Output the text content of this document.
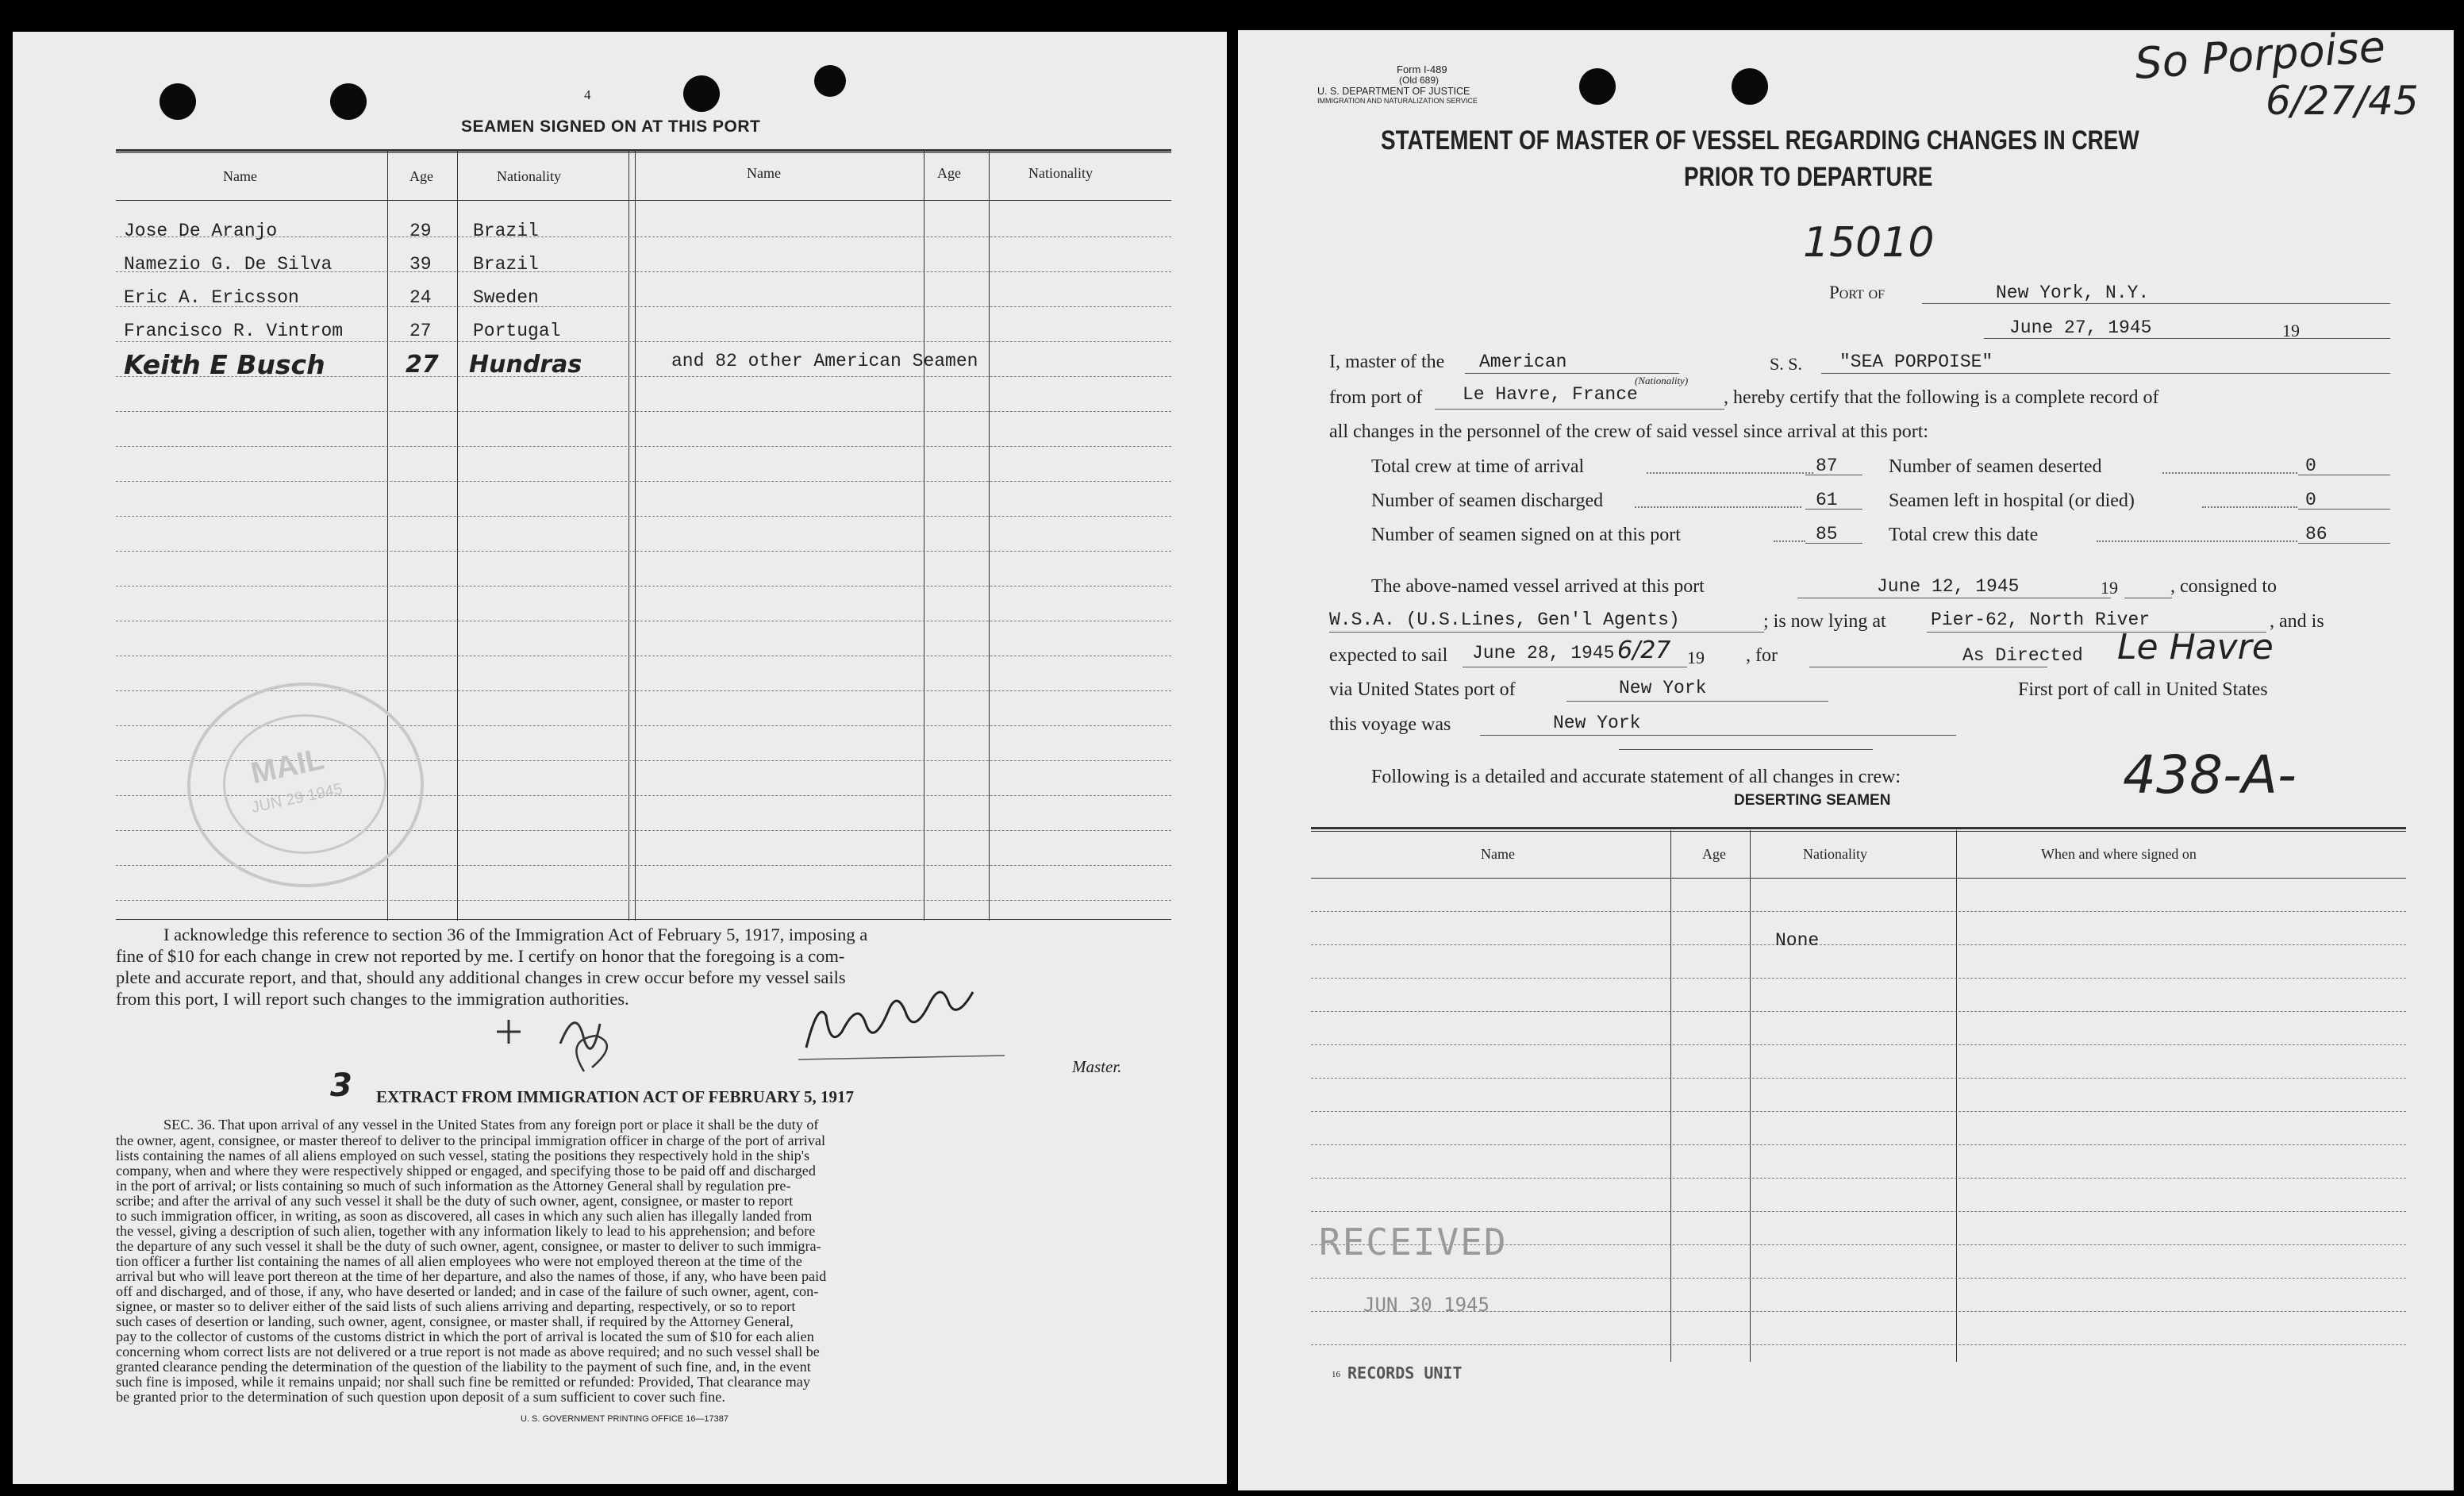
4
SEAMEN SIGNED ON AT THIS PORT
Name	Age	Nationality	Name	Age	Nationality
Jose De Aranjo	29 Brazil
Namezio G. De Silva	39 Brazil
Eric A. Ericsson	24 Sweden
Francisco R. Vintrom	27 Portugal
Keith E Busch	27 Hundras	and 82 other American Seamen
MAIL
JUN 29 1945
I acknowledge this reference to section 36 of the Immigration Act of February 5, 1917, imposing a
fine of $10 for each change in crew not reported by me. I certify on honor that the foregoing is a com-
plete and accurate report, and that, should any additional changes in crew occur before my vessel sails
from this port, I will report such changes to the immigration authorities.
Master.
3 EXTRACT FROM IMMIGRATION ACT OF FEBRUARY 5, 1917
SEC. 36. That upon arrival of any vessel in the United States from any foreign port or place it shall be the duty of
the owner, agent, consignee, or master thereof to deliver to the principal immigration officer in charge of the port of arrival
lists containing the names of all aliens employed on such vessel, stating the positions they respectively hold in the ship's
company, when and where they were respectively shipped or engaged, and specifying those to be paid off and discharged
in the port of arrival; or lists containing so much of such information as the Attorney General shall by regulation pre-
scribe; and after the arrival of any such vessel it shall be the duty of such owner, agent, consignee, or master to report
to such immigration officer, in writing, as soon as discovered, all cases in which any such alien has illegally landed from
the vessel, giving a description of such alien, together with any information likely to lead to his apprehension; and before
the departure of any such vessel it shall be the duty of such owner, agent, consignee, or master to deliver to such immigra-
tion officer a further list containing the names of all alien employees who were not employed thereon at the time of the
arrival but who will leave port thereon at the time of her departure, and also the names of those, if any, who have been paid
off and discharged, and of those, if any, who have deserted or landed; and in case of the failure of such owner, agent, con-
signee, or master so to deliver either of the said lists of such aliens arriving and departing, respectively, or so to report
such cases of desertion or landing, such owner, agent, consignee, or master shall, if required by the Attorney General,
pay to the collector of customs of the customs district in which the port of arrival is located the sum of $10 for each alien
concerning whom correct lists are not delivered or a true report is not made as above required; and no such vessel shall be
granted clearance pending the determination of the question of the liability to the payment of such fine, and, in the event
such fine is imposed, while it remains unpaid; nor shall such fine be remitted or refunded: Provided, That clearance may
be granted prior to the determination of such question upon deposit of a sum sufficient to cover such fine.
U. S. GOVERNMENT PRINTING OFFICE 16—17387
Form I-489
(Old 689)
U. S. DEPARTMENT OF JUSTICE
IMMIGRATION AND NATURALIZATION SERVICE
So Porpoise
6/27/45
STATEMENT OF MASTER OF VESSEL REGARDING CHANGES IN CREW
PRIOR TO DEPARTURE
15010
Port of	New York, N.Y.
June 27, 1945	19
I, master of the American	S. S. "SEA PORPOISE"
from port of Le Havre, France
(Nationality)
, hereby certify that the following is a complete record of
all changes in the personnel of the crew of said vessel since arrival at this port:
Total crew at time of arrival	87
Number of seamen discharged	61
Number of seamen signed on at this port	85
Number of seamen deserted	0
Seamen left in hospital (or died)	0
Total crew this date	86
The above-named vessel arrived at this port	June 12, 1945	19	, consigned to
W.S.A. (U.S.Lines, Gen'l Agents)	; is now lying at Pier-62, North River	, and is
expected to sail June 28, 1945 6/27 19 , for	As Directed Le Havre
via United States port of	New York	First port of call in United States
this voyage was	New York
Following is a detailed and accurate statement of all changes in crew:	438-A-
DESERTING SEAMEN
Name	Age	Nationality	When and where signed on
None
RECEIVED
JUN 30 1945
16 RECORDS UNIT
